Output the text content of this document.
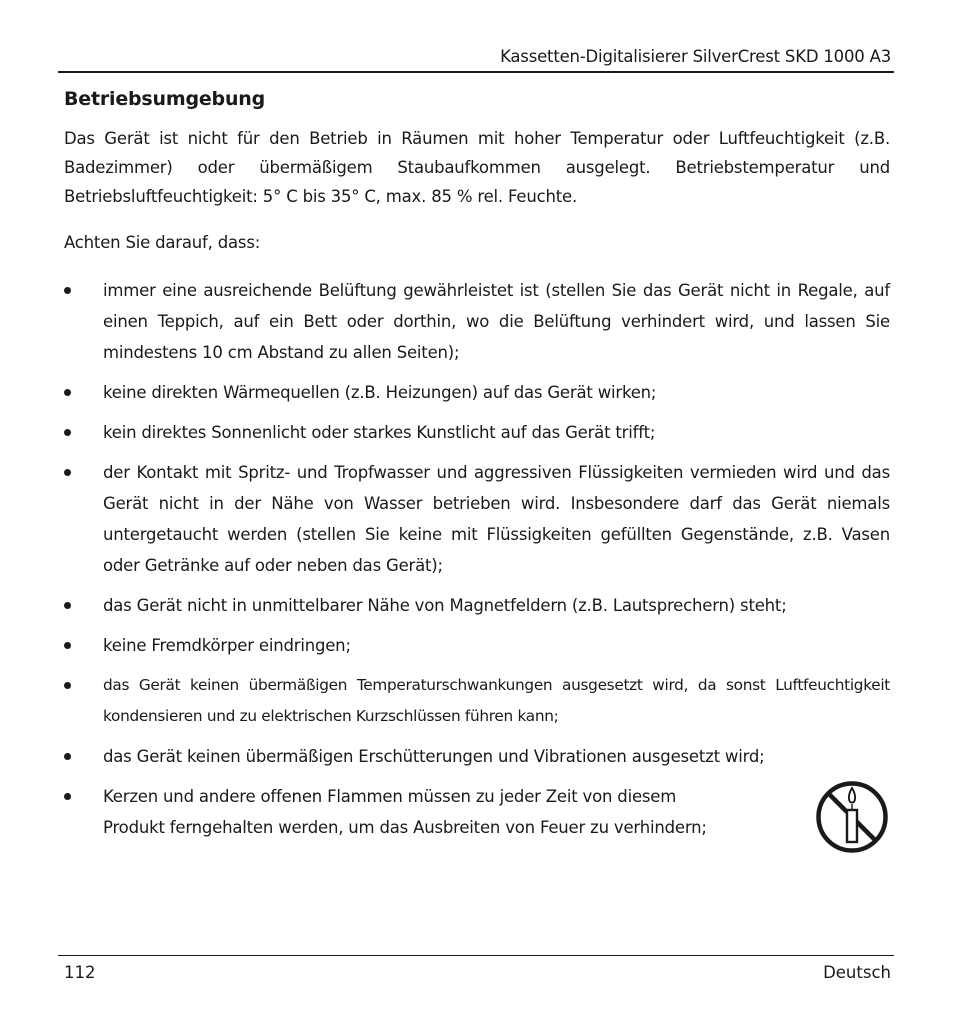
Kassetten-Digitalisierer SilverCrest SKD 1000 A3
Betriebsumgebung
Das Gerät ist nicht für den Betrieb in Räumen mit hoher Temperatur oder Luftfeuchtigkeit (z.B. Badezimmer) oder übermäßigem Staubaufkommen ausgelegt. Betriebstemperatur und Betriebsluftfeuchtigkeit: 5° C bis 35° C, max. 85 % rel. Feuchte.
Achten Sie darauf, dass:
immer eine ausreichende Belüftung gewährleistet ist (stellen Sie das Gerät nicht in Regale, auf einen Teppich, auf ein Bett oder dorthin, wo die Belüftung verhindert wird, und lassen Sie mindestens 10 cm Abstand zu allen Seiten);
keine direkten Wärmequellen (z.B. Heizungen) auf das Gerät wirken;
kein direktes Sonnenlicht oder starkes Kunstlicht auf das Gerät trifft;
der Kontakt mit Spritz- und Tropfwasser und aggressiven Flüssigkeiten vermieden wird und das Gerät nicht in der Nähe von Wasser betrieben wird. Insbesondere darf das Gerät niemals untergetaucht werden (stellen Sie keine mit Flüssigkeiten gefüllten Gegenstände, z.B. Vasen oder Getränke auf oder neben das Gerät);
das Gerät nicht in unmittelbarer Nähe von Magnetfeldern (z.B. Lautsprechern) steht;
keine Fremdkörper eindringen;
das Gerät keinen übermäßigen Temperaturschwankungen ausgesetzt wird, da sonst Luftfeuchtigkeit kondensieren und zu elektrischen Kurzschlüssen führen kann;
das Gerät keinen übermäßigen Erschütterungen und Vibrationen ausgesetzt wird;
Kerzen und andere offenen Flammen müssen zu jeder Zeit von diesem
Produkt ferngehalten werden, um das Ausbreiten von Feuer zu verhindern;
112	Deutsch
